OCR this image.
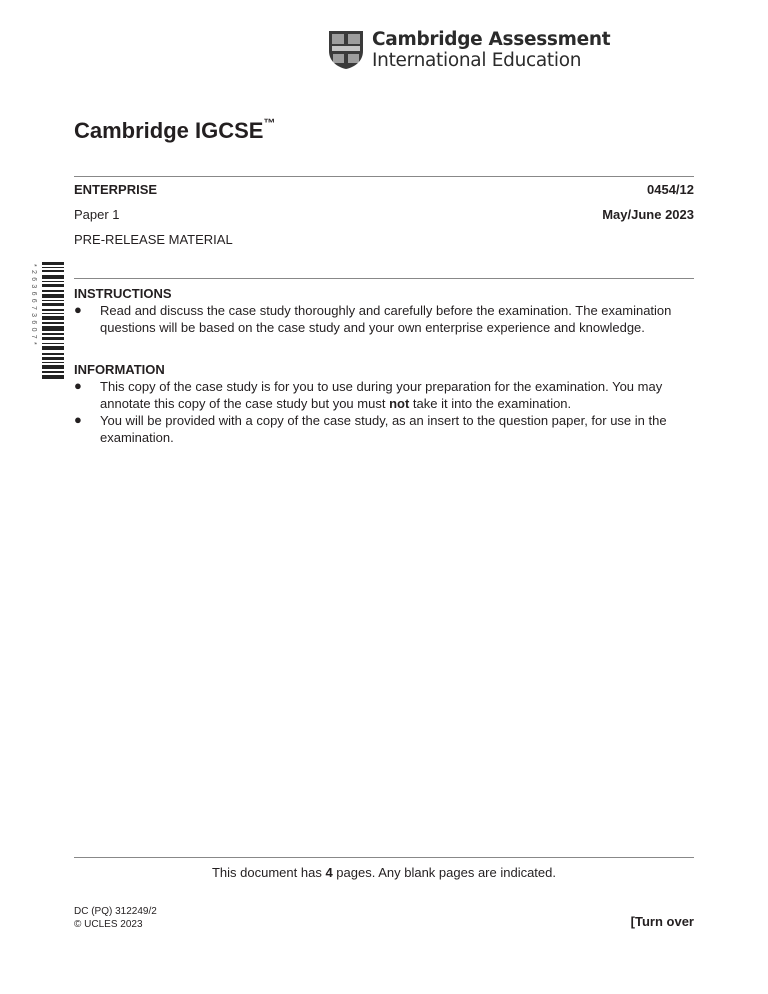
Cambridge Assessment
International Education
Cambridge IGCSE™
ENTERPRISE	0454/12
Paper 1	May/June 2023
PRE-RELEASE MATERIAL
*2636673607*	INSTRUCTIONS
● Read and discuss the case study thoroughly and carefully before the examination. The examination questions will be based on the case study and your own enterprise experience and knowledge.
INFORMATION
● This copy of the case study is for you to use during your preparation for the examination. You may annotate this copy of the case study but you must not take it into the examination.
● You will be provided with a copy of the case study, as an insert to the question paper, for use in the examination.
This document has 4 pages. Any blank pages are indicated.
DC (PQ) 312249/2
© UCLES 2023	[Turn over
